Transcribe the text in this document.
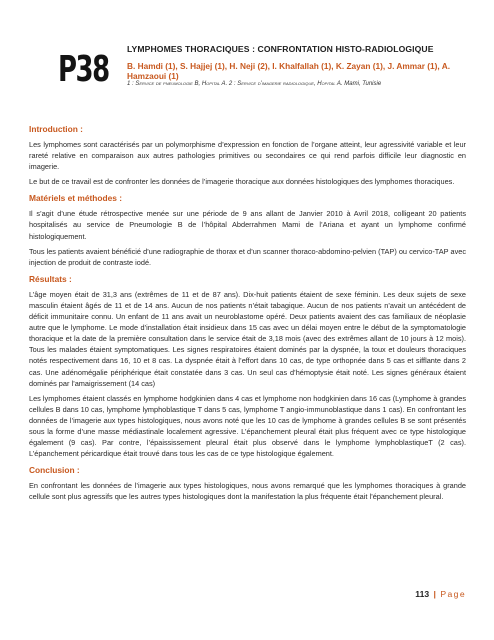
P38 LYMPHOMES THORACIQUES : CONFRONTATION HISTO-RADIOLOGIQUE
B. Hamdi (1), S. Hajjej (1), H. Neji (2), I. Khalfallah (1), K. Zayan (1), J. Ammar (1), A. Hamzaoui (1)
1 : Service de pneumologie B, Hopital A. 2 : Service d'imagerie radiologique, Hopital A. Mami, Tunisie
Introduction :

Les lymphomes sont caractérisés par un polymorphisme d’expression en fonction de l’organe atteint, leur agressivité variable et leur rareté relative en comparaison aux autres pathologies primitives ou secondaires ce qui rend parfois difficile leur diagnostic en imagerie.

Le but de ce travail est de confronter les données de l’imagerie thoracique aux données histologiques des lymphomes thoraciques.

Matériels et méthodes :

Il s’agit d’une étude rétrospective menée sur une période de 9 ans allant de Janvier 2010 à Avril 2018, colligeant 20 patients hospitalisés au service de Pneumologie B de l’hôpital Abderrahmen Mami de l’Ariana et ayant un lymphome confirmé histologiquement.

Tous les patients avaient bénéficié d’une radiographie de thorax et d’un scanner thoraco-abdomino-pelvien (TAP) ou cervico-TAP avec injection de produit de contraste iodé.

Résultats :

L’âge moyen était de 31,3 ans (extrêmes de 11 et de 87 ans). Dix-huit patients étaient de sexe féminin. Les deux sujets de sexe masculin étaient âgés de 11 et de 14 ans. Aucun de nos patients n’était tabagique. Aucun de nos patients n’avait un antécédent de déficit immunitaire connu. Un enfant de 11 ans avait un neuroblastome opéré. Deux patients avaient des cas familiaux de néoplasie autre que le lymphome. Le mode d’installation était insidieux dans 15 cas avec un délai moyen entre le début de la symptomatologie thoracique et la date de la première consultation dans le service était de 3,18 mois (avec des extrêmes allant de 10 jours à 12 mois). Tous les malades étaient symptomatiques. Les signes respiratoires étaient dominés par la dyspnée, la toux et douleurs thoraciques notés respectivement dans 16, 10 et 8 cas. La dyspnée était à l’effort dans 10 cas, de type orthopnée dans 5 cas et sifflante dans 2 cas. Une adénomégalie périphérique était constatée dans 3 cas. Un seul cas d’hémoptysie était noté. Les signes généraux étaient dominés par l’amaigrissement (14 cas)

Les lymphomes étaient classés en lymphome hodgkinien dans 4 cas et lymphome non hodgkinien dans 16 cas (Lymphome à grandes cellules B dans 10 cas, lymphome lymphoblastique T dans 5 cas, lymphome T angio-immunoblastique dans 1 cas). En confrontant les données de l’imagerie aux types histologiques, nous avons noté que les 10 cas de lymphome à grandes cellules B se sont présentés sous la forme d’une masse médiastinale localement agressive. L’épanchement pleural était plus fréquent avec ce type histologique également (9 cas). Par contre, l’épaississement pleural était plus observé dans le lymphome lymphoblastiqueT (2 cas). L’épanchement péricardique était trouvé dans tous les cas de ce type histologique également.

Conclusion :

En confrontant les données de l’imagerie aux types histologiques, nous avons remarqué que les lymphomes thoraciques à grande cellule sont plus agressifs que les autres types histologiques dont la manifestation la plus fréquente était l’épanchement pleural.

113 | Page
